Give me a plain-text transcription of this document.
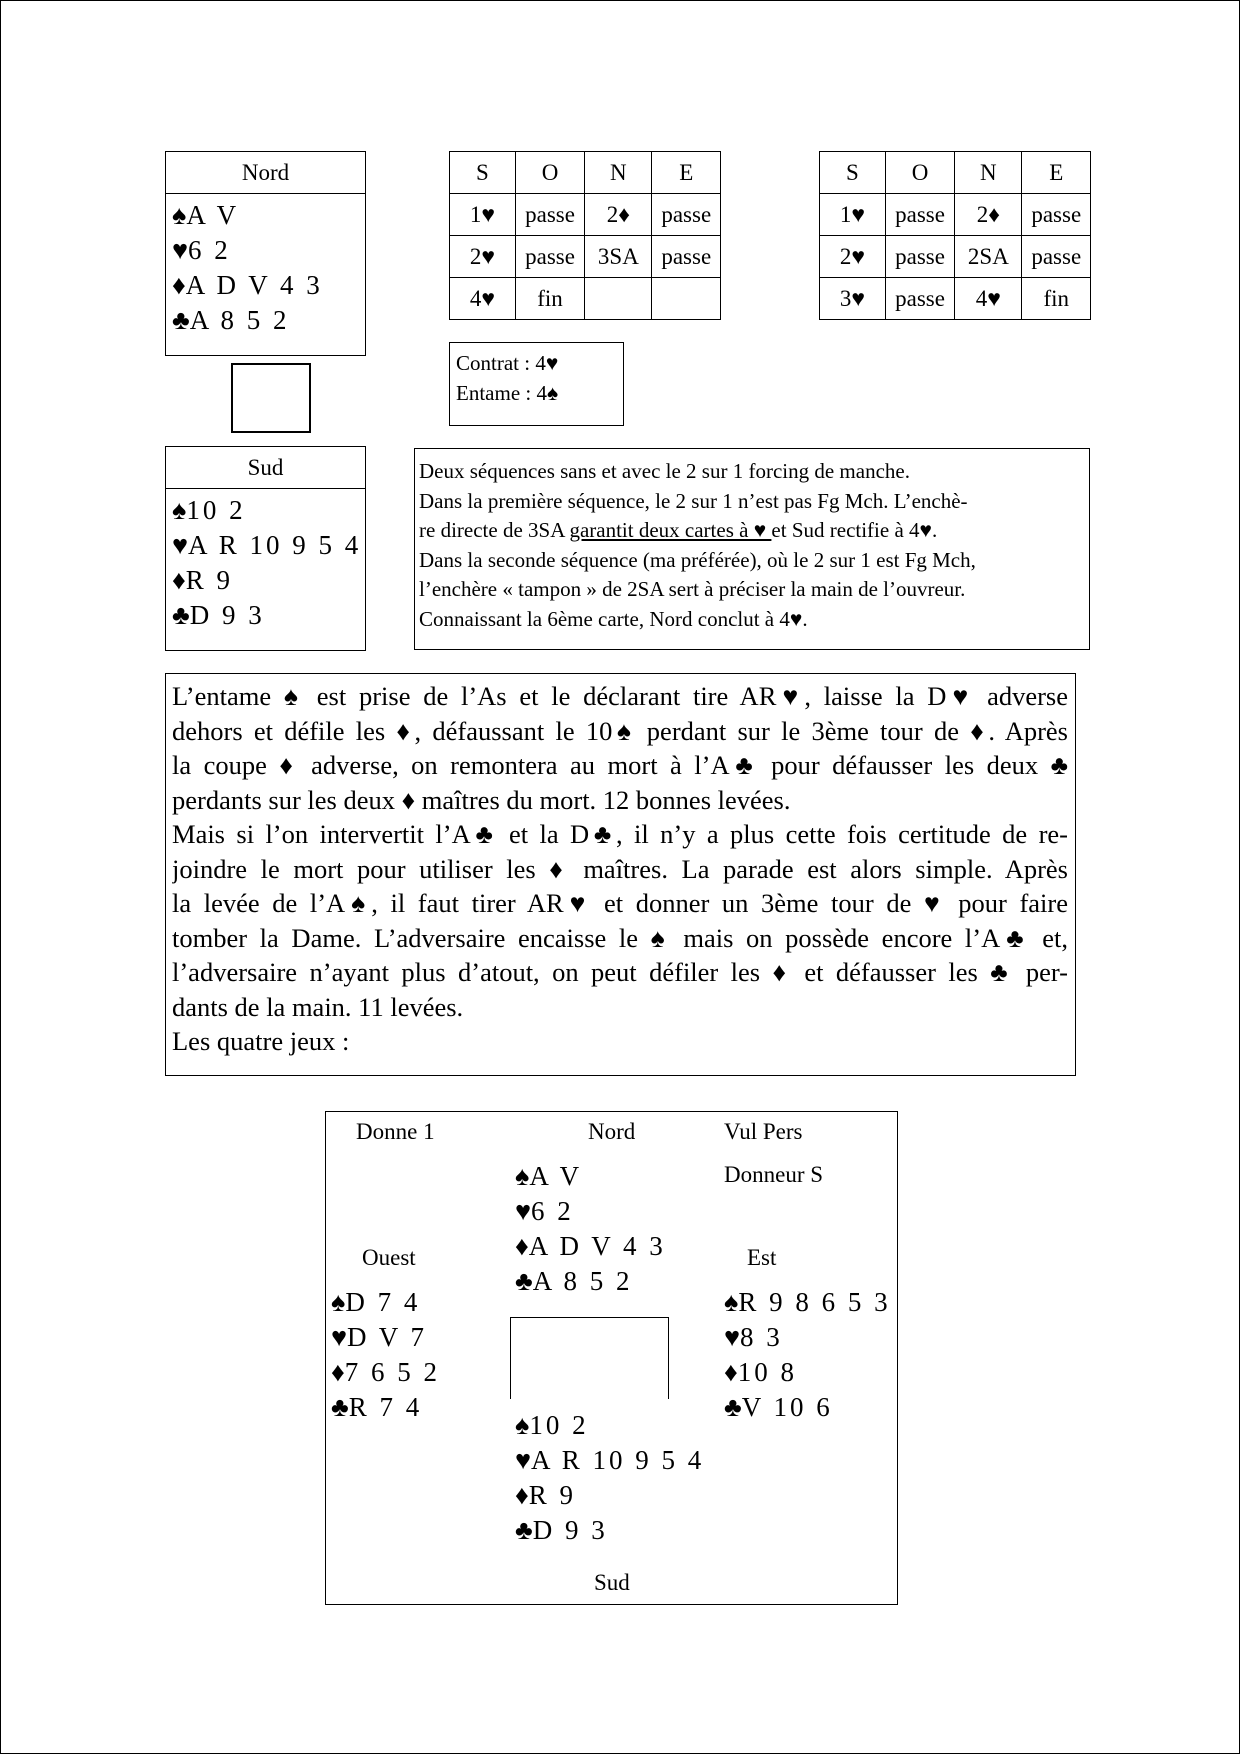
Nord
♠A V
♥6 2
♦A D V 4 3
♣A 8 5 2
Sud
♠10 2
♥A R 10 9 5 4
♦R 9
♣D 9 3
S	O	N	E
1♥	passe	2♦	passe
2♥	passe	3SA	passe
4♥	fin		
S	O	N	E
1♥	passe	2♦	passe
2♥	passe	2SA	passe
3♥	passe	4♥	fin
Contrat : 4♥
Entame : 4♠
Deux séquences sans et avec le 2 sur 1 forcing de manche.
Dans la première séquence, le 2 sur 1 n’est pas Fg Mch. L’enchè-
re directe de 3SA garantit deux cartes à ♥ et Sud rectifie à 4♥.
Dans la seconde séquence (ma préférée), où le 2 sur 1 est Fg Mch,
l’enchère « tampon » de 2SA sert à préciser la main de l’ouvreur.
Connaissant la 6ème carte, Nord conclut à 4♥.
L’entame ♠ est prise de l’As et le déclarant tire AR♥, laisse la D♥ adverse
dehors et défile les ♦, défaussant le 10♠ perdant sur le 3ème tour de ♦. Après
la coupe ♦ adverse, on remontera au mort à l’A♣ pour défausser les deux ♣
perdants sur les deux ♦ maîtres du mort. 12 bonnes levées.
Mais si l’on intervertit l’A♣ et la D♣, il n’y a plus cette fois certitude de re-
joindre le mort pour utiliser les ♦ maîtres. La parade est alors simple. Après
la levée de l’A♠, il faut tirer AR♥ et donner un 3ème tour de ♥ pour faire
tomber la Dame. L’adversaire encaisse le ♠ mais on possède encore l’A♣ et,
l’adversaire n’ayant plus d’atout, on peut défiler les ♦ et défausser les ♣ per-
dants de la main. 11 levées.
Les quatre jeux :
Donne 1	Nord	Vul Pers
Donneur S
Ouest	Est
Sud
♠A V
♥6 2
♦A D V 4 3
♣A 8 5 2
♠D 7 4
♥D V 7
♦7 6 5 2
♣R 7 4
♠R 9 8 6 5 3
♥8 3
♦10 8
♣V 10 6
♠10 2
♥A R 10 9 5 4
♦R 9
♣D 9 3
